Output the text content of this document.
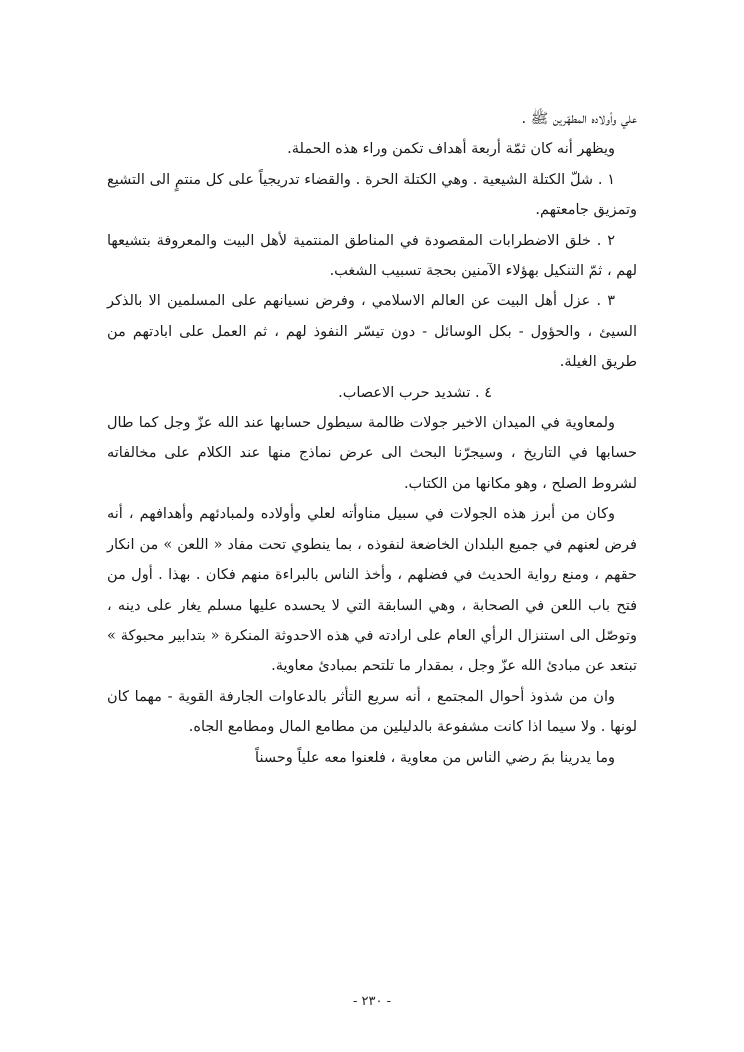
علي وأولاده المطهّرين ﷺ .

ويظهر أنه كان ثمّة أربعة أهداف تكمن وراء هذه الحملة.

١ . شلّ الكتلة الشيعية . وهي الكتلة الحرة . والقضاء تدريجياً على كل منتمٍ الى التشيع وتمزيق جامعتهم.

٢ . خلق الاضطرابات المقصودة في المناطق المنتمية لأهل البيت والمعروفة بتشيعها لهم ، ثمّ التنكيل بهؤلاء الآمنين بحجة تسبيب الشغب.

٣ . عزل أهل البيت عن العالم الاسلامي ، وفرض نسيانهم على المسلمين الا بالذكر السيئ ، والحؤول - بكل الوسائل - دون تيسّر النفوذ لهم ، ثم العمل على ابادتهم من طريق الغيلة.

٤ . تشديد حرب الاعصاب.

ولمعاوية في الميدان الاخير جولات ظالمة سيطول حسابها عند الله عزّ وجل كما طال حسابها في التاريخ ، وسيجرّنا البحث الى عرض نماذج منها عند الكلام على مخالفاته لشروط الصلح ، وهو مكانها من الكتاب.

وكان من أبرز هذه الجولات في سبيل مناوأته لعلي وأولاده ولمبادئهم وأهدافهم ، أنه فرض لعنهم في جميع البلدان الخاضعة لنفوذه ، بما ينطوي تحت مفاد « اللعن » من انكار حقهم ، ومنع رواية الحديث في فضلهم ، وأخذ الناس بالبراءة منهم فكان . بهذا . أول من فتح باب اللعن في الصحابة ، وهي السابقة التي لا يحسده عليها مسلم يغار على دينه ، وتوصّل الى استنزال الرأي العام على ارادته في هذه الاحدوثة المنكرة « بتدابير محبوكة » تبتعد عن مبادئ الله عزّ وجل ، بمقدار ما تلتحم بمبادئ معاوية.

وان من شذوذ أحوال المجتمع ، أنه سريع التأثر بالدعاوات الجارفة القوية - مهما كان لونها . ولا سيما اذا كانت مشفوعة بالدليلين من مطامع المال ومطامع الجاه.

وما يدرينا بمَ رضي الناس من معاوية ، فلعنوا معه علياً وحسناً

- ٢٣٠ -
